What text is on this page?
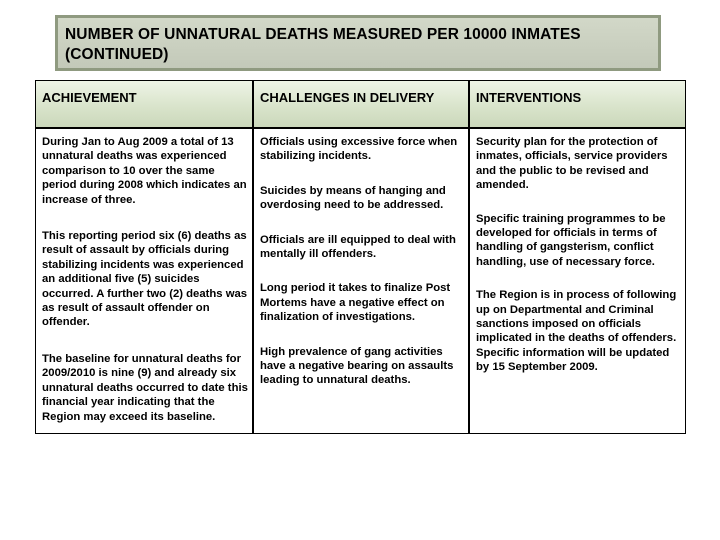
NUMBER OF UNNATURAL DEATHS MEASURED PER 10000 INMATES (CONTINUED)
ACHIEVEMENT	CHALLENGES IN DELIVERY	INTERVENTIONS

During Jan to Aug 2009 a total of 13 unnatural deaths was experienced comparison to 10 over the same period during 2008 which indicates an increase of three.

This reporting period six (6) deaths as result of assault by officials during stabilizing incidents was experienced an additional five (5) suicides occurred. A further two (2) deaths was as result of assault offender on offender.

The baseline for unnatural deaths for 2009/2010 is nine (9) and already six unnatural deaths occurred to date this financial year indicating that the Region may exceed its baseline.

Officials using excessive force when stabilizing incidents.

Suicides by means of hanging and overdosing need to be addressed.

Officials are ill equipped to deal with mentally ill offenders.

Long period it takes to finalize Post Mortems have a negative effect on finalization of investigations.

High prevalence of gang activities have a negative bearing on assaults leading to unnatural deaths.

Security plan for the protection of inmates, officials, service providers and the public to be revised and amended.

Specific training programmes to be developed for officials in terms of handling of gangsterism, conflict handling, use of necessary force.

The Region is in process of following up on Departmental and Criminal sanctions imposed on officials implicated in the deaths of offenders. Specific information will be updated by 15 September 2009.
